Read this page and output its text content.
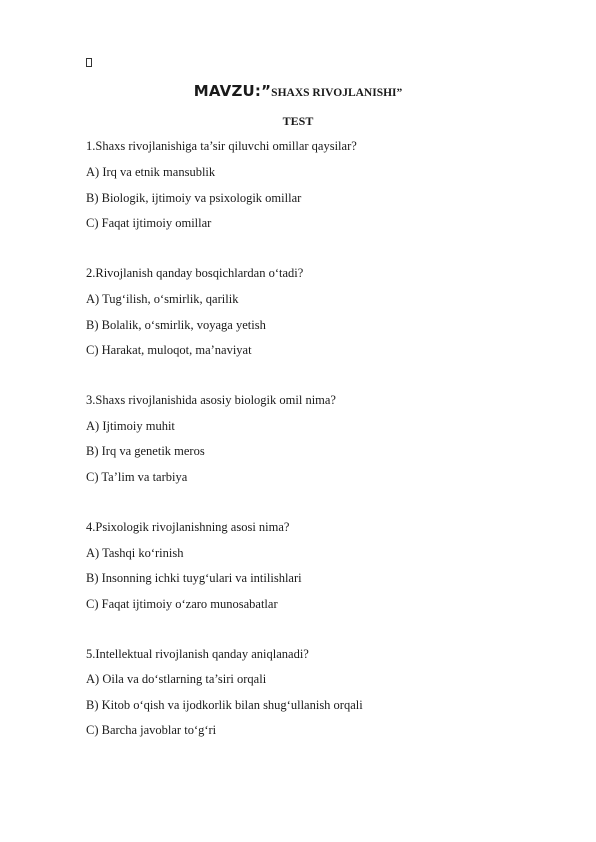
MAVZU:”SHAXS RIVOJLANISHI”
TEST
1.Shaxs rivojlanishiga ta’sir qiluvchi omillar qaysilar?
A) Irq va etnik mansublik
B) Biologik, ijtimoiy va psixologik omillar
C) Faqat ijtimoiy omillar
2.Rivojlanish qanday bosqichlardan o‘tadi?
A) Tug‘ilish, o‘smirlik, qarilik
B) Bolalik, o‘smirlik, voyaga yetish
C) Harakat, muloqot, ma’naviyat
3.Shaxs rivojlanishida asosiy biologik omil nima?
A) Ijtimoiy muhit
B) Irq va genetik meros
C) Ta’lim va tarbiya
4.Psixologik rivojlanishning asosi nima?
A) Tashqi ko‘rinish
B) Insonning ichki tuyg‘ulari va intilishlari
C) Faqat ijtimoiy o‘zaro munosabatlar
5.Intellektual rivojlanish qanday aniqlanadi?
A) Oila va do‘stlarning ta’siri orqali
B) Kitob o‘qish va ijodkorlik bilan shug‘ullanish orqali
C) Barcha javoblar to‘g‘ri
